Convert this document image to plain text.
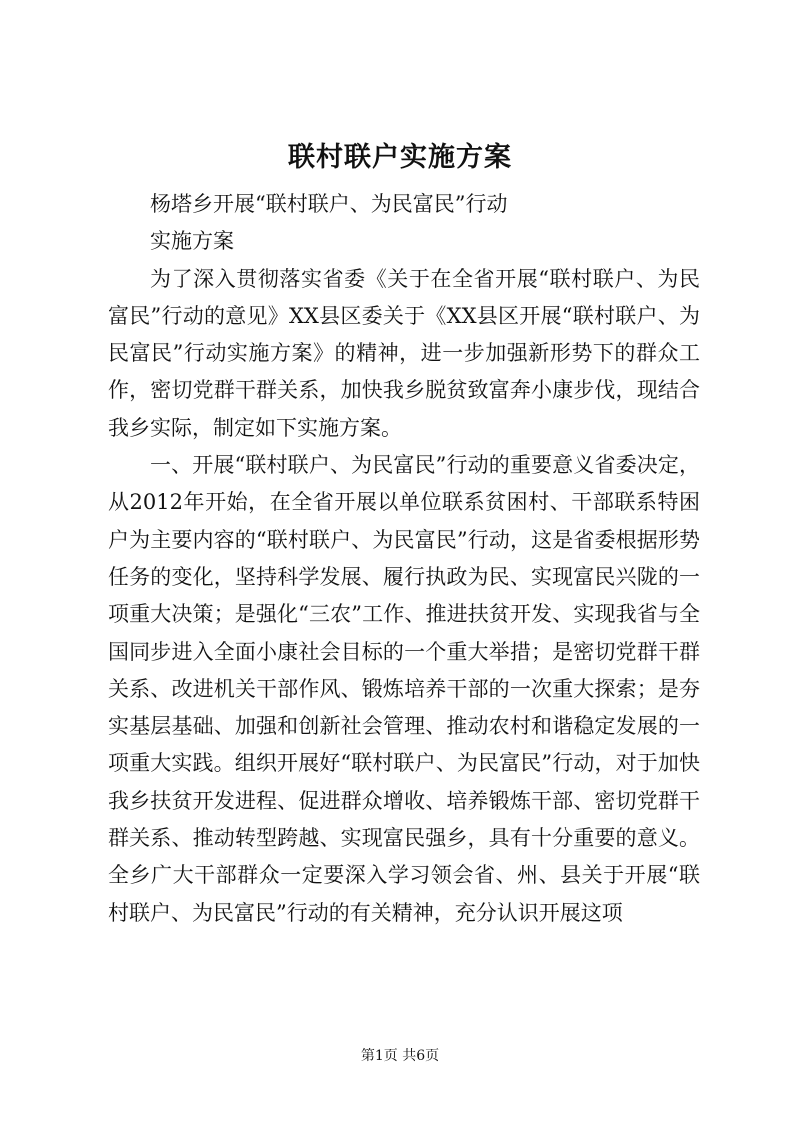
联村联户实施方案

杨塔乡开展“联村联户、为民富民”行动

实施方案

为了深入贯彻落实省委《关于在全省开展“联村联户、为民富民”行动的意见》XX县区委关于《XX县区开展“联村联户、为民富民”行动实施方案》的精神，进一步加强新形势下的群众工作，密切党群干群关系，加快我乡脱贫致富奔小康步伐，现结合我乡实际，制定如下实施方案。

一、开展“联村联户、为民富民”行动的重要意义省委决定，从2012年开始，在全省开展以单位联系贫困村、干部联系特困户为主要内容的“联村联户、为民富民”行动，这是省委根据形势任务的变化，坚持科学发展、履行执政为民、实现富民兴陇的一项重大决策；是强化“三农”工作、推进扶贫开发、实现我省与全国同步进入全面小康社会目标的一个重大举措；是密切党群干群关系、改进机关干部作风、锻炼培养干部的一次重大探索；是夯实基层基础、加强和创新社会管理、推动农村和谐稳定发展的一项重大实践。组织开展好“联村联户、为民富民”行动，对于加快我乡扶贫开发进程、促进群众增收、培养锻炼干部、密切党群干群关系、推动转型跨越、实现富民强乡，具有十分重要的意义。全乡广大干部群众一定要深入学习领会省、州、县关于开展“联村联户、为民富民”行动的有关精神，充分认识开展这项

第1页 共6页
